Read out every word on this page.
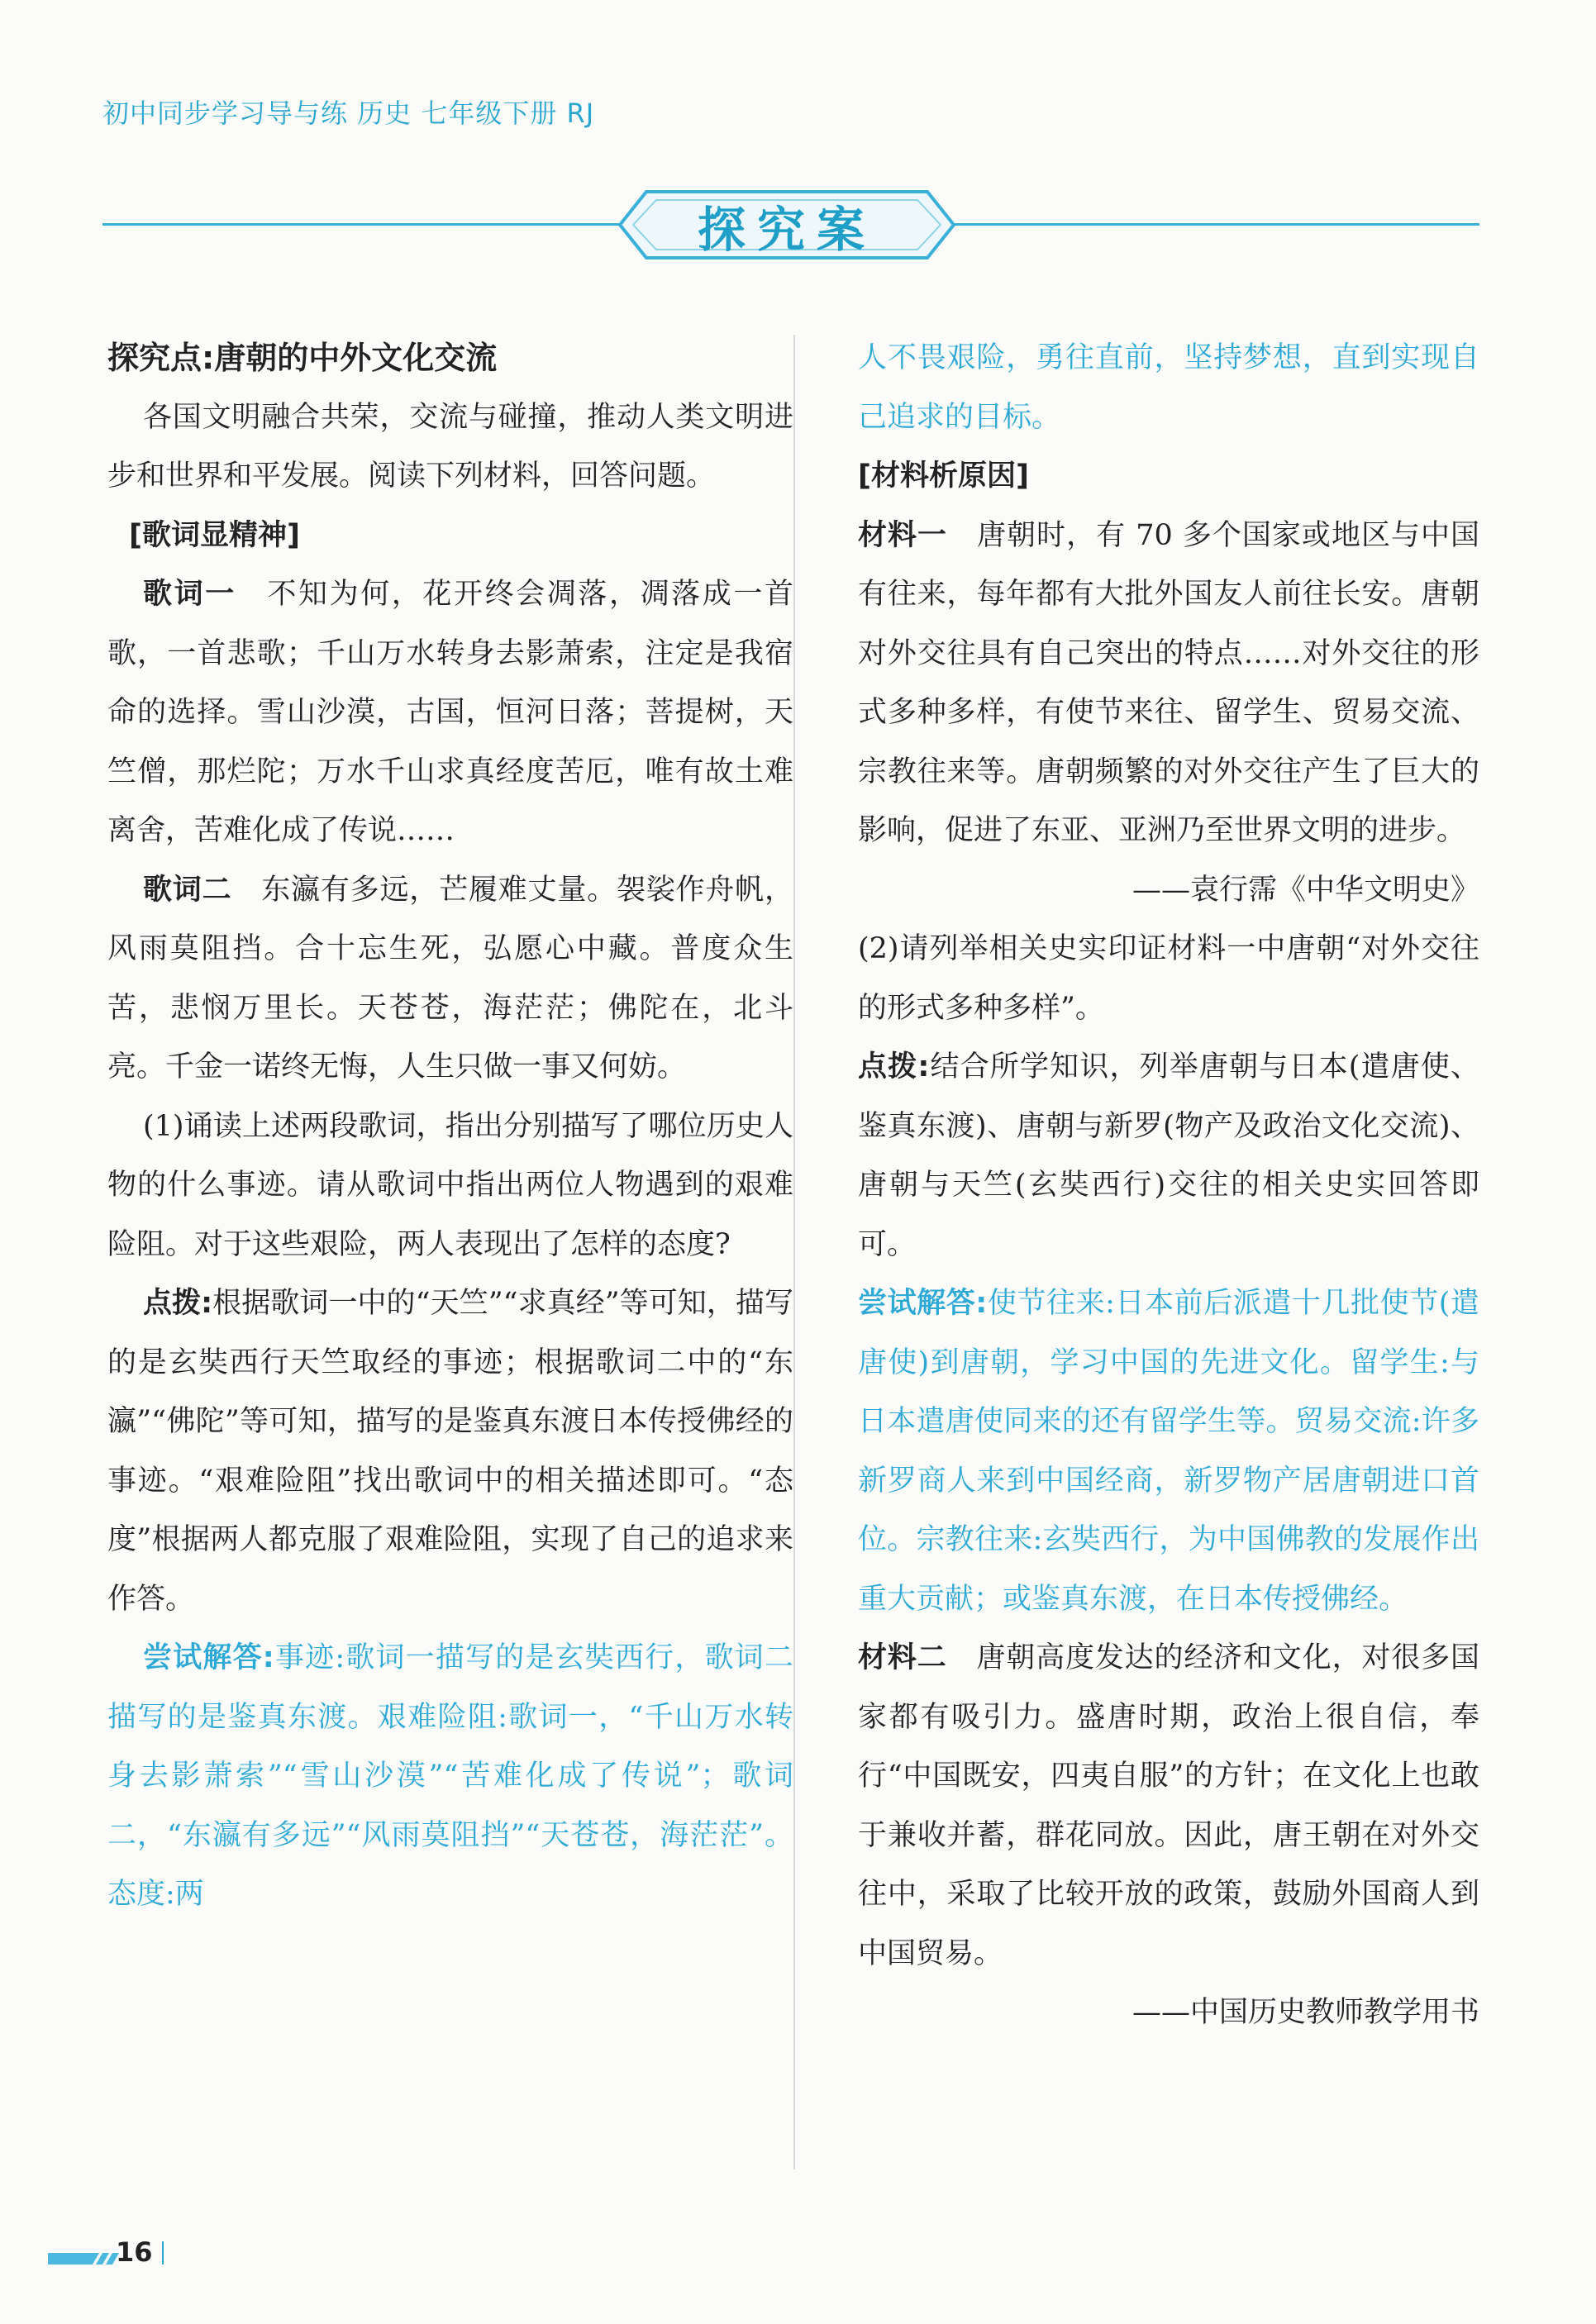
初中同步学习导与练 历史 七年级下册 RJ
探究案

探究点:唐朝的中外文化交流

各国文明融合共荣，交流与碰撞，推动人类文明进步和世界和平发展。阅读下列材料，回答问题。

[歌词显精神]

歌词一　不知为何，花开终会凋落，凋落成一首歌，一首悲歌；千山万水转身去影萧索，注定是我宿命的选择。雪山沙漠，古国，恒河日落；菩提树，天竺僧，那烂陀；万水千山求真经度苦厄，唯有故土难离舍，苦难化成了传说……

歌词二　东瀛有多远，芒履难丈量。袈裟作舟帆，风雨莫阻挡。合十忘生死，弘愿心中藏。普度众生苦，悲悯万里长。天苍苍，海茫茫；佛陀在，北斗亮。千金一诺终无悔，人生只做一事又何妨。

(1)诵读上述两段歌词，指出分别描写了哪位历史人物的什么事迹。请从歌词中指出两位人物遇到的艰难险阻。对于这些艰险，两人表现出了怎样的态度?

点拨:根据歌词一中的“天竺”“求真经”等可知，描写的是玄奘西行天竺取经的事迹；根据歌词二中的“东瀛”“佛陀”等可知，描写的是鉴真东渡日本传授佛经的事迹。“艰难险阻”找出歌词中的相关描述即可。“态度”根据两人都克服了艰难险阻，实现了自己的追求来作答。

尝试解答:事迹:歌词一描写的是玄奘西行，歌词二描写的是鉴真东渡。艰难险阻:歌词一，“千山万水转身去影萧索”“雪山沙漠”“苦难化成了传说”；歌词二，“东瀛有多远”“风雨莫阻挡”“天苍苍，海茫茫”。态度:两

人不畏艰险，勇往直前，坚持梦想，直到实现自己追求的目标。

[材料析原因]

材料一　唐朝时，有 70 多个国家或地区与中国有往来，每年都有大批外国友人前往长安。唐朝对外交往具有自己突出的特点……对外交往的形式多种多样，有使节来往、留学生、贸易交流、宗教往来等。唐朝频繁的对外交往产生了巨大的影响，促进了东亚、亚洲乃至世界文明的进步。

——袁行霈《中华文明史》

(2)请列举相关史实印证材料一中唐朝“对外交往的形式多种多样”。

点拨:结合所学知识，列举唐朝与日本(遣唐使、鉴真东渡)、唐朝与新罗(物产及政治文化交流)、唐朝与天竺(玄奘西行)交往的相关史实回答即可。

尝试解答:使节往来:日本前后派遣十几批使节(遣唐使)到唐朝，学习中国的先进文化。留学生:与日本遣唐使同来的还有留学生等。贸易交流:许多新罗商人来到中国经商，新罗物产居唐朝进口首位。宗教往来:玄奘西行，为中国佛教的发展作出重大贡献；或鉴真东渡，在日本传授佛经。

材料二　唐朝高度发达的经济和文化，对很多国家都有吸引力。盛唐时期，政治上很自信，奉行“中国既安，四夷自服”的方针；在文化上也敢于兼收并蓄，群花同放。因此，唐王朝在对外交往中，采取了比较开放的政策，鼓励外国商人到中国贸易。

——中国历史教师教学用书

16
